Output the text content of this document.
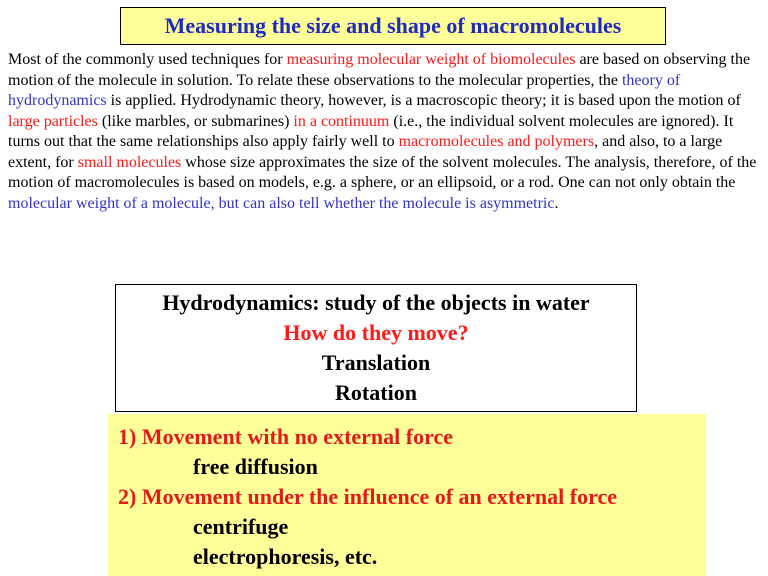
Measuring the size and shape of macromolecules

Most of the commonly used techniques for measuring molecular weight of biomolecules are based on observing the motion of the molecule in solution. To relate these observations to the molecular properties, the theory of hydrodynamics is applied. Hydrodynamic theory, however, is a macroscopic theory; it is based upon the motion of large particles (like marbles, or submarines) in a continuum (i.e., the individual solvent molecules are ignored). It turns out that the same relationships also apply fairly well to macromolecules and polymers, and also, to a large extent, for small molecules whose size approximates the size of the solvent molecules. The analysis, therefore, of the motion of macromolecules is based on models, e.g. a sphere, or an ellipsoid, or a rod. One can not only obtain the molecular weight of a molecule, but can also tell whether the molecule is asymmetric.

Hydrodynamics: study of the objects in water
How do they move?
Translation
Rotation
1) Movement with no external force
free diffusion
2) Movement under the influence of an external force
centrifuge
electrophoresis, etc.
